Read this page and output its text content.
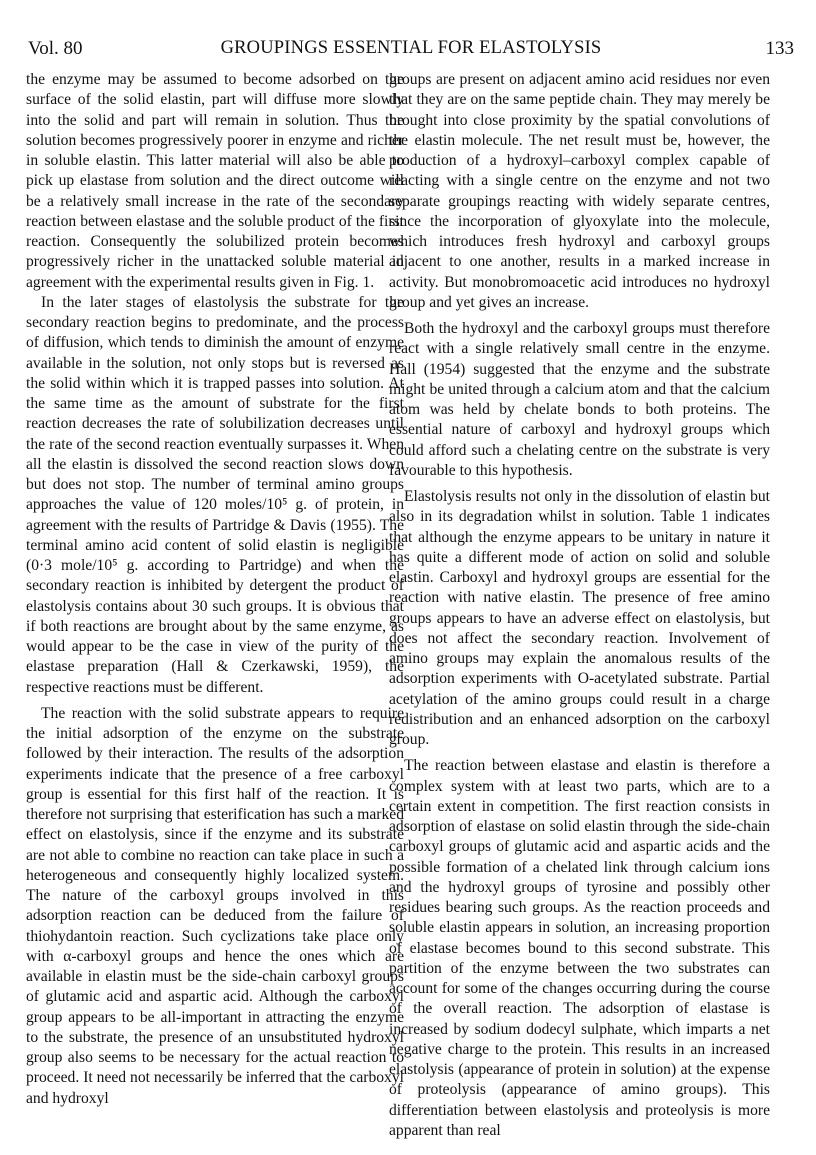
Vol. 80	GROUPINGS ESSENTIAL FOR ELASTOLYSIS	133

the enzyme may be assumed to become adsorbed on the surface of the solid elastin, part will diffuse more slowly into the solid and part will remain in solution. Thus the solution becomes progressively poorer in enzyme and richer in soluble elastin. This latter material will also be able to pick up elastase from solution and the direct outcome will be a relatively small increase in the rate of the secondary reaction between elastase and the soluble product of the first reaction. Consequently the solubilized protein becomes progressively richer in the unattacked soluble material in agreement with the experimental results given in Fig. 1.

In the later stages of elastolysis the substrate for the secondary reaction begins to predominate, and the process of diffusion, which tends to diminish the amount of enzyme available in the solution, not only stops but is reversed as the solid within which it is trapped passes into solution. At the same time as the amount of substrate for the first reaction decreases the rate of solubilization decreases until the rate of the second reaction eventually surpasses it. When all the elastin is dissolved the second reaction slows down but does not stop. The number of terminal amino groups approaches the value of 120 moles/10⁵ g. of protein, in agreement with the results of Partridge & Davis (1955). The terminal amino acid content of solid elastin is negligible (0·3 mole/10⁵ g. according to Partridge) and when the secondary reaction is inhibited by detergent the product of elastolysis contains about 30 such groups. It is obvious that if both reactions are brought about by the same enzyme, as would appear to be the case in view of the purity of the elastase preparation (Hall & Czerkawski, 1959), the respective reactions must be different.

The reaction with the solid substrate appears to require the initial adsorption of the enzyme on the substrate followed by their interaction. The results of the adsorption experiments indicate that the presence of a free carboxyl group is essential for this first half of the reaction. It is therefore not surprising that esterification has such a marked effect on elastolysis, since if the enzyme and its substrate are not able to combine no reaction can take place in such a heterogeneous and consequently highly localized system. The nature of the carboxyl groups involved in this adsorption reaction can be deduced from the failure of thiohydantoin reaction. Such cyclizations take place only with α-carboxyl groups and hence the ones which are available in elastin must be the side-chain carboxyl groups of glutamic acid and aspartic acid. Although the carboxyl group appears to be all-important in attracting the enzyme to the substrate, the presence of an unsubstituted hydroxyl group also seems to be necessary for the actual reaction to proceed. It need not necessarily be inferred that the carboxyl and hydroxyl

groups are present on adjacent amino acid residues nor even that they are on the same peptide chain. They may merely be brought into close proximity by the spatial convolutions of the elastin molecule. The net result must be, however, the production of a hydroxyl–carboxyl complex capable of reacting with a single centre on the enzyme and not two separate groupings reacting with widely separate centres, since the incorporation of glyoxylate into the molecule, which introduces fresh hydroxyl and carboxyl groups adjacent to one another, results in a marked increase in activity. But monobromoacetic acid introduces no hydroxyl group and yet gives an increase.

Both the hydroxyl and the carboxyl groups must therefore react with a single relatively small centre in the enzyme. Hall (1954) suggested that the enzyme and the substrate might be united through a calcium atom and that the calcium atom was held by chelate bonds to both proteins. The essential nature of carboxyl and hydroxyl groups which could afford such a chelating centre on the substrate is very favourable to this hypothesis.

Elastolysis results not only in the dissolution of elastin but also in its degradation whilst in solution. Table 1 indicates that although the enzyme appears to be unitary in nature it has quite a different mode of action on solid and soluble elastin. Carboxyl and hydroxyl groups are essential for the reaction with native elastin. The presence of free amino groups appears to have an adverse effect on elastolysis, but does not affect the secondary reaction. Involvement of amino groups may explain the anomalous results of the adsorption experiments with O-acetylated substrate. Partial acetylation of the amino groups could result in a charge redistribution and an enhanced adsorption on the carboxyl group.

The reaction between elastase and elastin is therefore a complex system with at least two parts, which are to a certain extent in competition. The first reaction consists in adsorption of elastase on solid elastin through the side-chain carboxyl groups of glutamic acid and aspartic acids and the possible formation of a chelated link through calcium ions and the hydroxyl groups of tyrosine and possibly other residues bearing such groups. As the reaction proceeds and soluble elastin appears in solution, an increasing proportion of elastase becomes bound to this second substrate. This partition of the enzyme between the two substrates can account for some of the changes occurring during the course of the overall reaction. The adsorption of elastase is increased by sodium dodecyl sulphate, which imparts a net negative charge to the protein. This results in an increased elastolysis (appearance of protein in solution) at the expense of proteolysis (appearance of amino groups). This differentiation between elastolysis and proteolysis is more apparent than real
